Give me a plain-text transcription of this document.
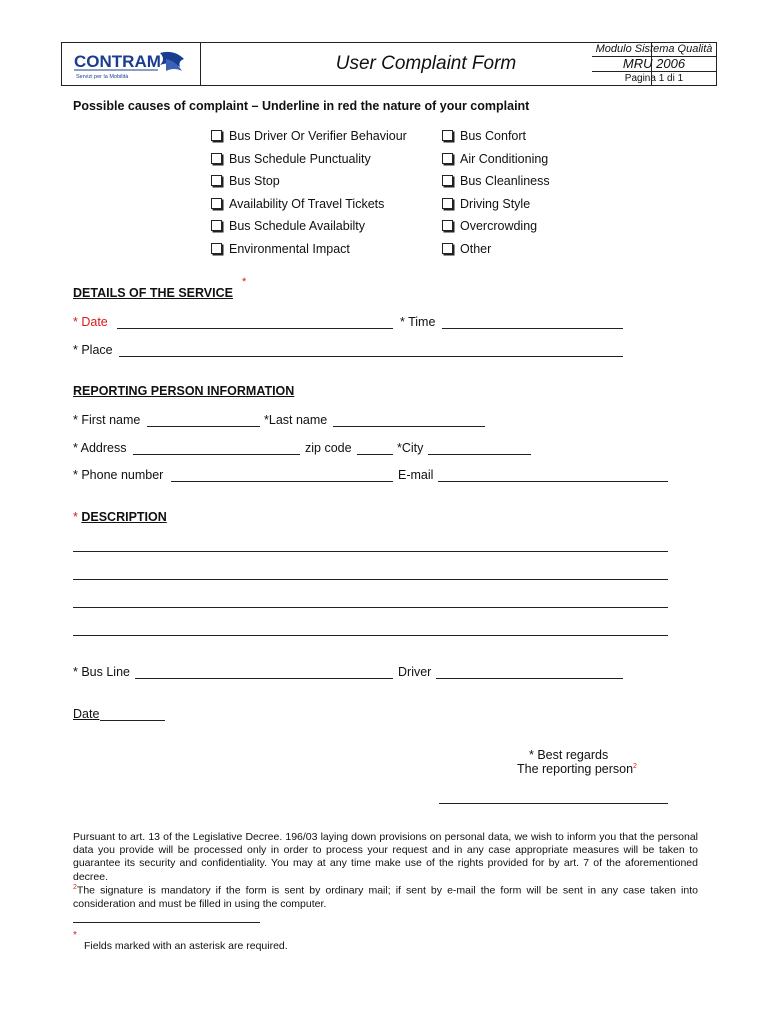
CONTRAM
Servizi per la Mobilità
User Complaint Form
Modulo Sistema Qualità
MRU 2006
Pagina 1 di 1
Possible causes of complaint – Underline in red the nature of your complaint
Bus Driver Or Verifier Behaviour
Bus Schedule Punctuality
Bus Stop
Availability Of Travel Tickets
Bus Schedule Availabilty
Environmental Impact
Bus Confort
Air Conditioning
Bus Cleanliness
Driving Style
Overcrowding
Other
DETAILS OF THE SERVICE
*
* Date	* Time
* Place
REPORTING PERSON INFORMATION
* First name	*Last name
* Address	zip code	*City
* Phone number	E-mail
* DESCRIPTION
* Bus Line	Driver
Date
* Best regards
The reporting person$^2$
Pursuant to art. 13 of the Legislative Decree. 196/03 laying down provisions on personal data, we wish to inform you that the personal data you provide will be processed only in order to process your request and in any case appropriate measures will be taken to guarantee its security and confidentiality. You may at any time make use of the rights provided for by art. 7 of the aforementioned decree.
$^2$The signature is mandatory if the form is sent by ordinary mail; if sent by e-mail the form will be sent in any case taken into consideration and must be filled in using the computer.
*
Fields marked with an asterisk are required.
